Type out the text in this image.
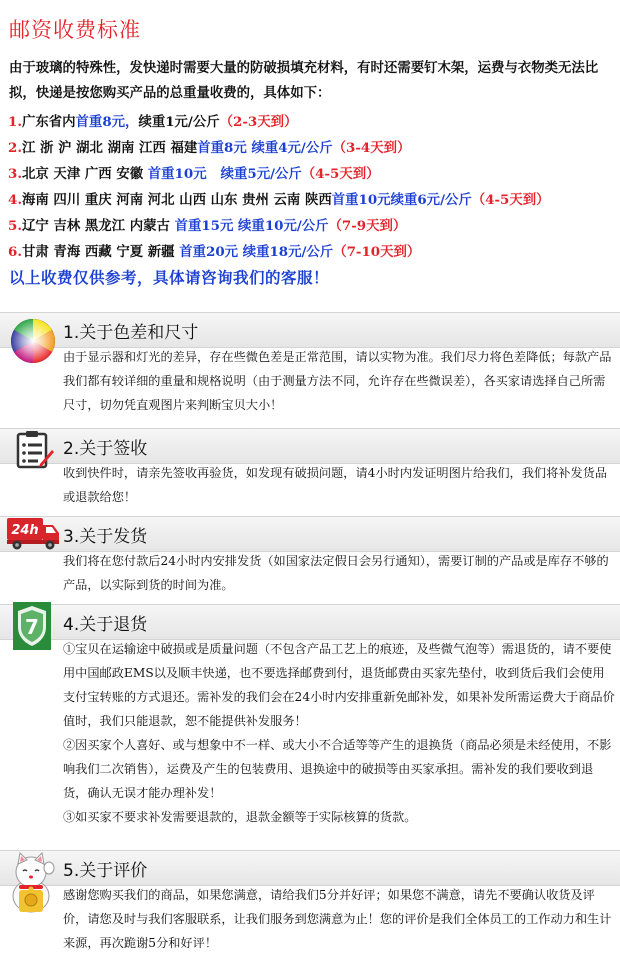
邮资收费标准
由于玻璃的特殊性，发快递时需要大量的防破损填充材料，有时还需要钉木架，运费与衣物类无法比拟，快递是按您购买产品的总重量收费的，具体如下：
1.广东省内首重8元，续重1元/公斤（2-3天到）
2.江 浙 沪 湖北 湖南 江西 福建首重8元 续重4元/公斤（3-4天到）
3.北京 天津 广西 安徽 首重10元 续重5元/公斤（4-5天到）
4.海南 四川 重庆 河南 河北 山西 山东 贵州 云南 陕西首重10元续重6元/公斤（4-5天到）
5.辽宁 吉林 黑龙江 内蒙古 首重15元 续重10元/公斤（7-9天到）
6.甘肃 青海 西藏 宁夏 新疆 首重20元 续重18元/公斤（7-10天到）
以上收费仅供参考，具体请咨询我们的客服！
1.关于色差和尺寸
由于显示器和灯光的差异，存在些微色差是正常范围，请以实物为准。我们尽力将色差降低；每款产品我们都有较详细的重量和规格说明（由于测量方法不同，允许存在些微误差），各买家请选择自己所需尺寸，切勿凭直观图片来判断宝贝大小！
2.关于签收
收到快件时，请亲先签收再验货，如发现有破损问题，请4小时内发证明图片给我们，我们将补发货品或退款给您！
24h 3.关于发货
我们将在您付款后24小时内安排发货（如国家法定假日会另行通知），需要订制的产品或是库存不够的产品，以实际到货的时间为准。
7 4.关于退货
①宝贝在运输途中破损或是质量问题（不包含产品工艺上的痕迹，及些微气泡等）需退货的，请不要使用中国邮政EMS以及顺丰快递，也不要选择邮费到付，退货邮费由买家先垫付，收到货后我们会使用支付宝转账的方式退还。需补发的我们会在24小时内安排重新免邮补发，如果补发所需运费大于商品价值时，我们只能退款，恕不能提供补发服务！
②因买家个人喜好、或与想象中不一样、或大小不合适等等产生的退换货（商品必须是未经使用，不影响我们二次销售），运费及产生的包装费用、退换途中的破损等由买家承担。需补发的我们要收到退货，确认无误才能办理补发！
③如买家不要求补发需要退款的，退款金额等于实际核算的货款。
5.关于评价
感谢您购买我们的商品，如果您满意，请给我们5分并好评；如果您不满意，请先不要确认收货及评价，请您及时与我们客服联系，让我们服务到您满意为止！您的评价是我们全体员工的工作动力和生计来源，再次跪谢5分和好评！
